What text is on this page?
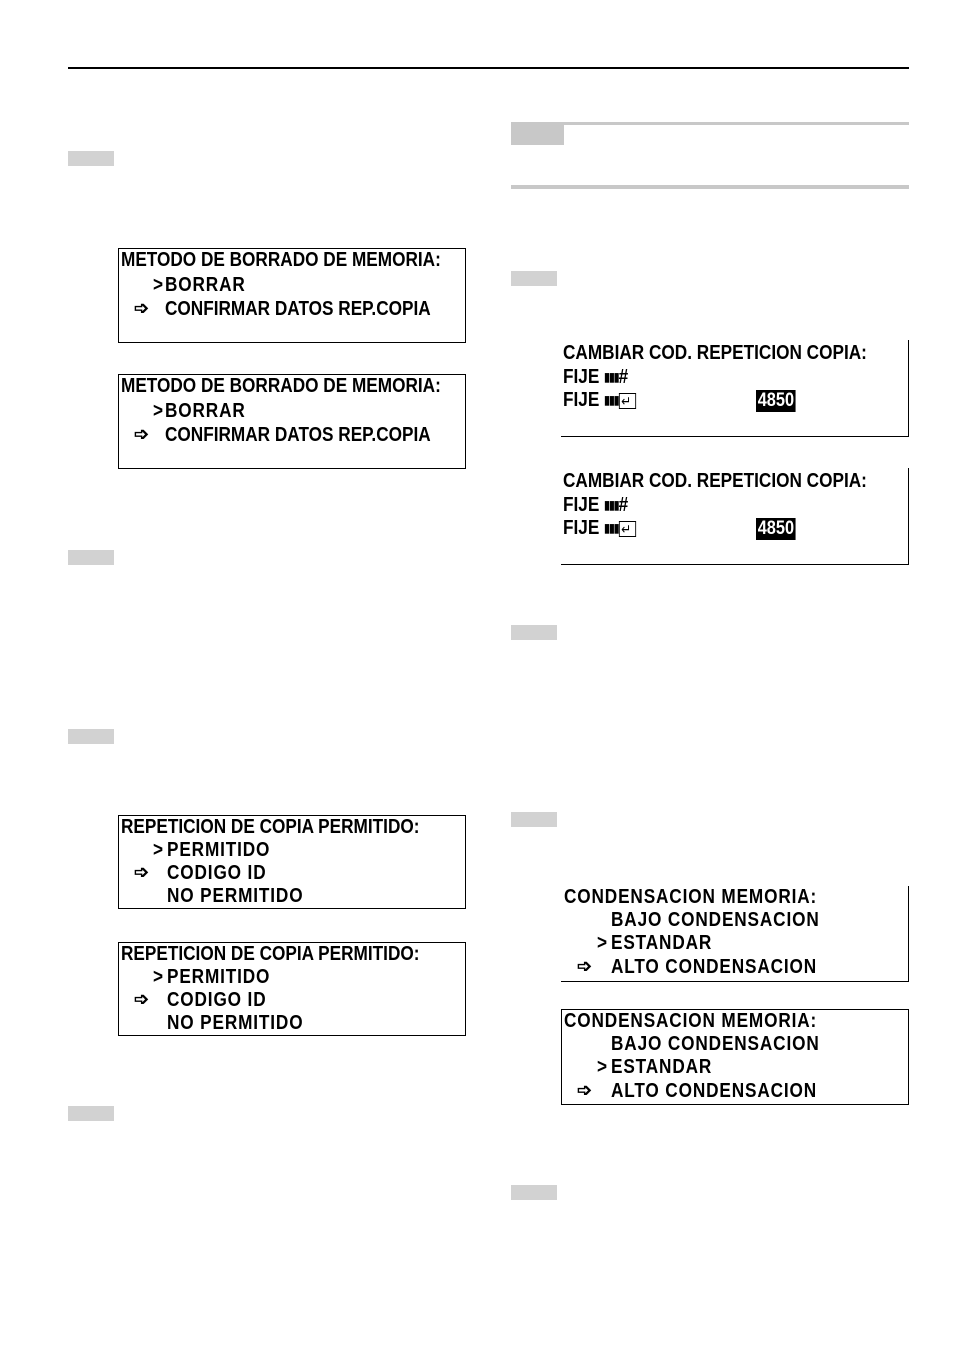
METODO DE BORRADO DE MEMORIA:
> BORRAR
➩ CONFIRMAR DATOS REP.COPIA
METODO DE BORRADO DE MEMORIA:
> BORRAR
➩ CONFIRMAR DATOS REP.COPIA
REPETICION DE COPIA PERMITIDO:
> PERMITIDO
➩ CODIGO ID
NO PERMITIDO
REPETICION DE COPIA PERMITIDO:
> PERMITIDO
➩ CODIGO ID
NO PERMITIDO
CAMBIAR COD. REPETICION COPIA:
FIJE ▮▮▮#
FIJE ▮▮▮ ↵	4850
CAMBIAR COD. REPETICION COPIA:
FIJE ▮▮▮#
FIJE ▮▮▮ ↵	4850
CONDENSACION MEMORIA:
BAJO CONDENSACION
> ESTANDAR
➩ ALTO CONDENSACION
CONDENSACION MEMORIA:
BAJO CONDENSACION
> ESTANDAR
➩ ALTO CONDENSACION
